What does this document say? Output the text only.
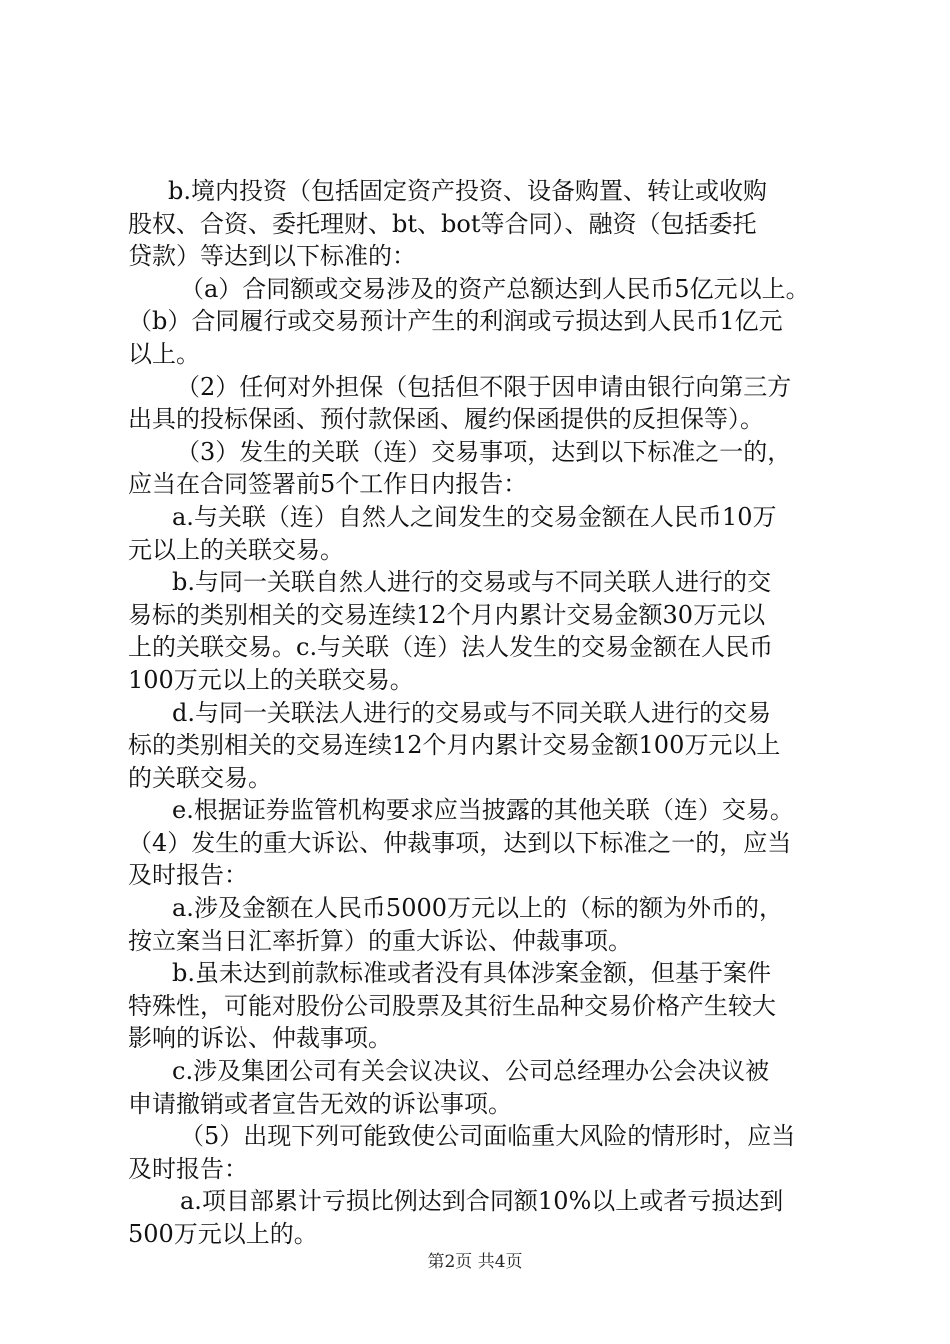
b.境内投资（包括固定资产投资、设备购置、转让或收购
股权、合资、委托理财、bt、bot等合同）、融资（包括委托
贷款）等达到以下标准的：
（a）合同额或交易涉及的资产总额达到人民币5亿元以上。
（b）合同履行或交易预计产生的利润或亏损达到人民币1亿元
以上。
（2）任何对外担保（包括但不限于因申请由银行向第三方
出具的投标保函、预付款保函、履约保函提供的反担保等）。
（3）发生的关联（连）交易事项，达到以下标准之一的，
应当在合同签署前5个工作日内报告：
a.与关联（连）自然人之间发生的交易金额在人民币10万
元以上的关联交易。
b.与同一关联自然人进行的交易或与不同关联人进行的交
易标的类别相关的交易连续12个月内累计交易金额30万元以
上的关联交易。c.与关联（连）法人发生的交易金额在人民币
100万元以上的关联交易。
d.与同一关联法人进行的交易或与不同关联人进行的交易
标的类别相关的交易连续12个月内累计交易金额100万元以上
的关联交易。
e.根据证券监管机构要求应当披露的其他关联（连）交易。
（4）发生的重大诉讼、仲裁事项，达到以下标准之一的，应当
及时报告：
a.涉及金额在人民币5000万元以上的（标的额为外币的，
按立案当日汇率折算）的重大诉讼、仲裁事项。
b.虽未达到前款标准或者没有具体涉案金额，但基于案件
特殊性，可能对股份公司股票及其衍生品种交易价格产生较大
影响的诉讼、仲裁事项。
c.涉及集团公司有关会议决议、公司总经理办公会决议被
申请撤销或者宣告无效的诉讼事项。
（5）出现下列可能致使公司面临重大风险的情形时，应当
及时报告：
a.项目部累计亏损比例达到合同额10%以上或者亏损达到
500万元以上的。
第2页 共4页
